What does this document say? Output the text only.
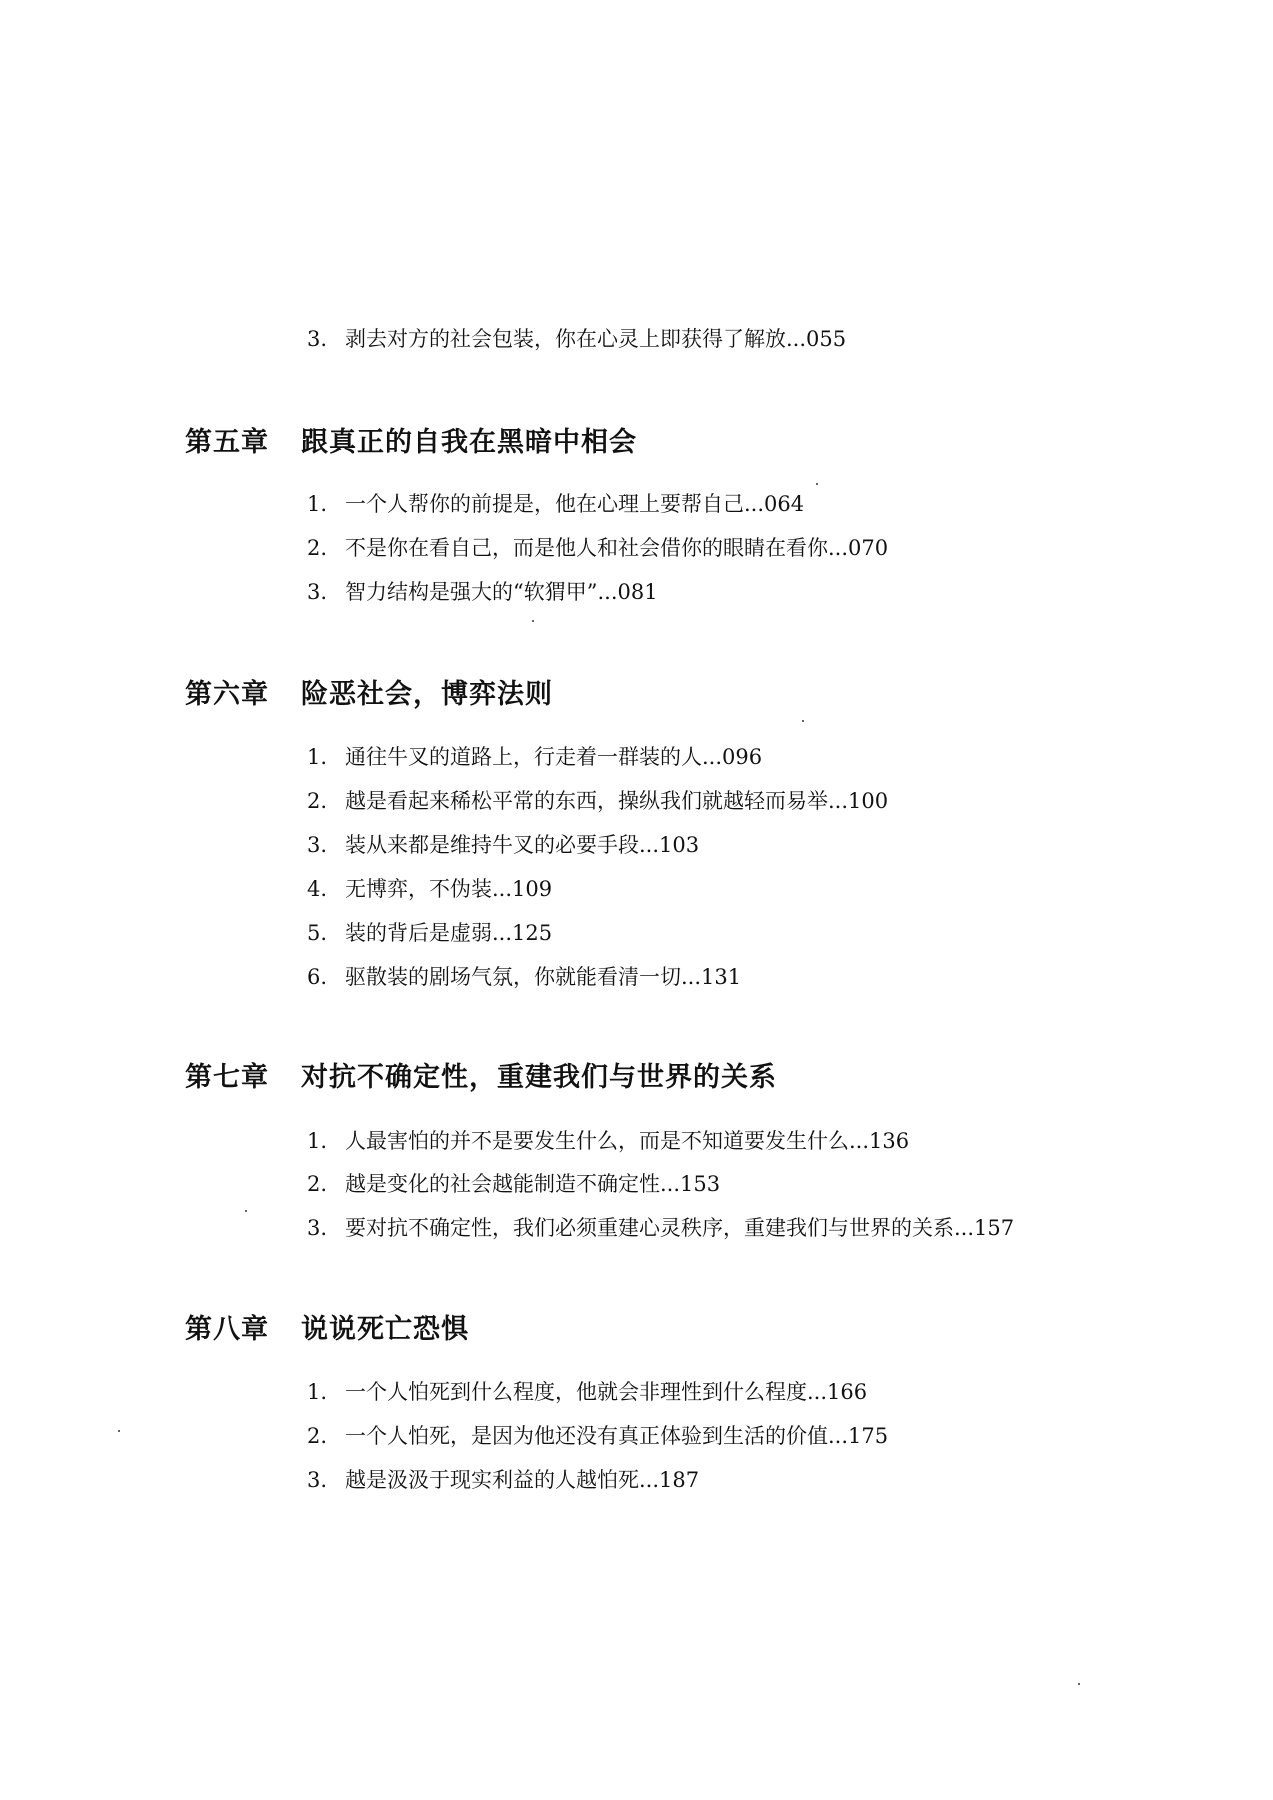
3. 剥去对方的社会包装，你在心灵上即获得了解放...055
第五章 跟真正的自我在黑暗中相会
1. 一个人帮你的前提是，他在心理上要帮自己...064
2. 不是你在看自己，而是他人和社会借你的眼睛在看你...070
3. 智力结构是强大的“软猬甲”...081
第六章 险恶社会，博弈法则
1. 通往牛叉的道路上，行走着一群装的人...096
2. 越是看起来稀松平常的东西，操纵我们就越轻而易举...100
3. 装从来都是维持牛叉的必要手段...103
4. 无博弈，不伪装...109
5. 装的背后是虚弱...125
6. 驱散装的剧场气氛，你就能看清一切...131
第七章 对抗不确定性，重建我们与世界的关系
1. 人最害怕的并不是要发生什么，而是不知道要发生什么...136
2. 越是变化的社会越能制造不确定性...153
3. 要对抗不确定性，我们必须重建心灵秩序，重建我们与世界的关系...157
第八章 说说死亡恐惧
1. 一个人怕死到什么程度，他就会非理性到什么程度...166
2. 一个人怕死，是因为他还没有真正体验到生活的价值...175
3. 越是汲汲于现实利益的人越怕死...187
